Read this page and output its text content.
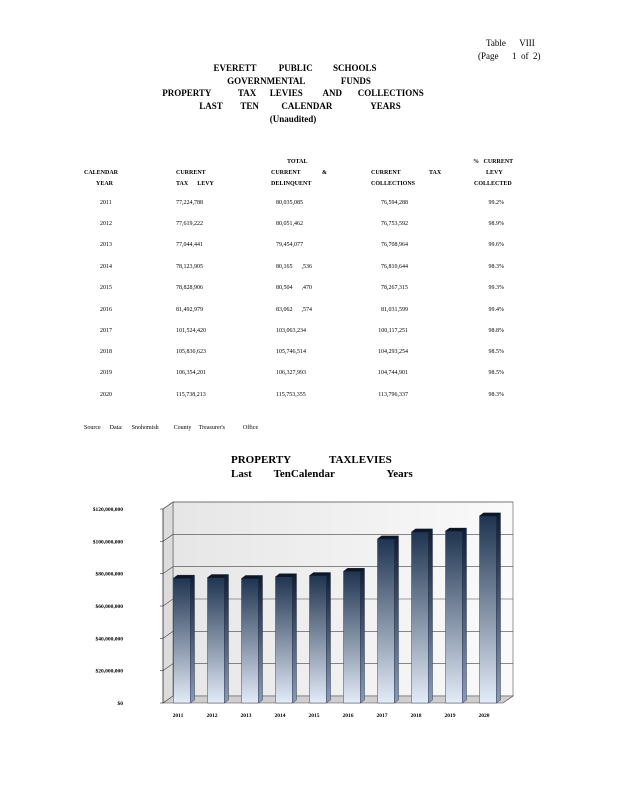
Table      VIII
(Page      1  of  2)
EVERETT          PUBLIC         SCHOOLS
GOVERNMENTAL                FUNDS
PROPERTY            TAX      LEVIES         AND       COLLECTIONS
LAST        TEN          CALENDAR                 YEARS
(Unaudited)
CALENDAR
YEAR
CURRENT
TAX      LEVY
TOTAL
CURRENT	&
DELINQUENT
CURRENT                   TAX
COLLECTIONS
%   CURRENT
LEVY
COLLECTED
2011	77,224,788	80,035,085	76,594,288	99.2%
2012	77,619,222	80,051,462	76,753,592	98.9%
2013	77,044,441	79,454,077	76,708,964	99.6%
2014	78,123,905	80,165      ,536	76,810,644	98.3%
2015	78,828,906	80,504      ,470	78,267,315	99.3%
2016	81,492,979	83,062      ,574	81,031,599	99.4%
2017	101,524,420	103,063,234	100,117,251	98.8%
2018	105,830,623	105,746,514	104,293,254	98.5%
2019	106,354,201	106,327,993	104,744,901	98.5%
2020	115,738,213	115,753,355	113,796,337	98.3%
Source      Data:      Snohomish          County     Treasurer's            Office
PROPERTY              TAXLEVIES
Last        TenCalendar                   Years
$0
$20,000,000
$40,000,000
$60,000,000
$80,000,000
$100,000,000
$120,000,000
2011	2012	2013	2014	2015	2016	2017	2018	2019	2020
